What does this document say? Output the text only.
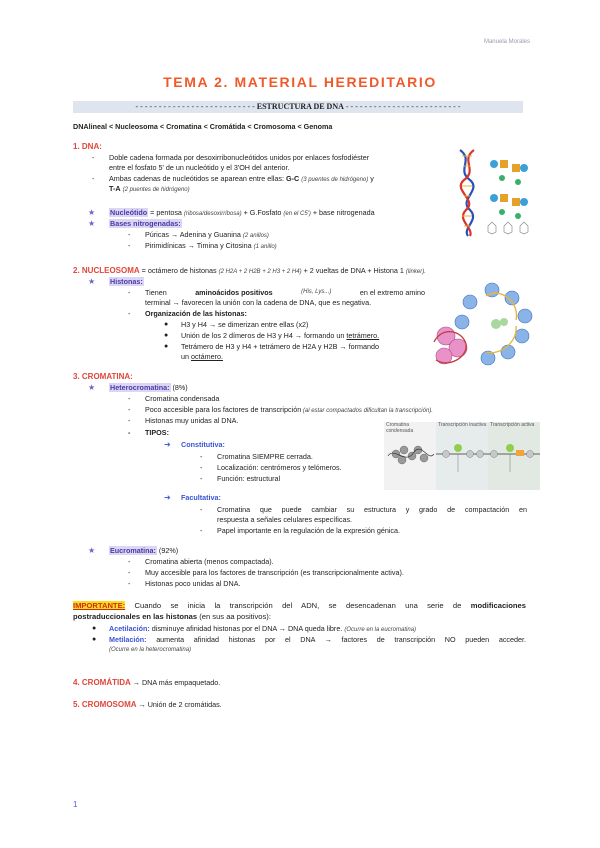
Manuela Morales
TEMA 2. MATERIAL HEREDITARIO
- - - - - - - - - - - - - - - - - - - - - - - - - - ESTRUCTURA DE DNA - - - - - - - - - - - - - - - - - - - - - - - - -
DNAlineal < Nucleosoma < Cromatina < Cromátida < Cromosoma < Genoma
1. DNA:
- Doble cadena formada por desoxirribonucleótidos unidos por enlaces fosfodiéster
entre el fosfato 5' de un nucleótido y el 3'OH del anterior.
- Ambas cadenas de nucleótidos se aparean entre ellas: G-C (3 puentes de hidrógeno) y
T-A (2 puentes de hidrógeno)
★ Nucleótido = pentosa (ribosa/desoxirribosa) + G.Fosfato (en el C5') + base nitrogenada
★ Bases nitrogenadas:
- Púricas → Adenina y Guanina (2 anillos)
- Pirimidínicas → Timina y Citosina (1 anillo)
2. NUCLEOSOMA = octámero de histonas (2 H2A + 2 H2B + 2 H3 + 2 H4) + 2 vueltas de DNA + Histona 1 (linker).
★ Histonas:
- Tienen	aminoácidos positivos	(His, Lys...)	en el extremo amino
terminal → favorecen la unión con la cadena de DNA, que es negativa.
- Organización de las histonas:
● H3 y H4 → se dimerizan entre ellas (x2)
● Unión de los 2 dímeros de H3 y H4 → formando un tetrámero.
● Tetrámero de H3 y H4 + tetrámero de H2A y H2B → formando
un octámero.
3. CROMATINA:
★ Heterocromatina: (8%)
- Cromatina condensada
- Poco accesible para los factores de transcripción (al estar compactados dificultan la transcripción).
- Histonas muy unidas al DNA.
- TIPOS:
➜ Constitutiva:
- Cromatina SIEMPRE cerrada.
- Localización: centrómeros y telómeros.
- Función: estructural
Cromatina condensada
Transcripción inactiva Transcripción activa
➜ Facultativa:
- Cromatina que puede cambiar su estructura y grado de compactación en
respuesta a señales celulares específicas.
- Papel importante en la regulación de la expresión génica.
★ Eucromatina: (92%)
- Cromatina abierta (menos compactada).
- Muy accesible para los factores de transcripción (es transcripcionalmente activa).
- Histonas poco unidas al DNA.
IMPORTANTE: Cuando se inicia la transcripción del ADN, se desencadenan una serie de modificaciones
postraduccionales en las histonas (en sus aa positivos):
● Acetilación: disminuye afinidad histonas por el DNA → DNA queda libre. (Ocurre en la eucromatina)
● Metilación: aumenta afinidad histonas por el DNA → factores de transcripción NO pueden acceder.
(Ocurre en la heterocromatina)
4. CROMÁTIDA → DNA más empaquetado.
5. CROMOSOMA → Unión de 2 cromátidas.
1
